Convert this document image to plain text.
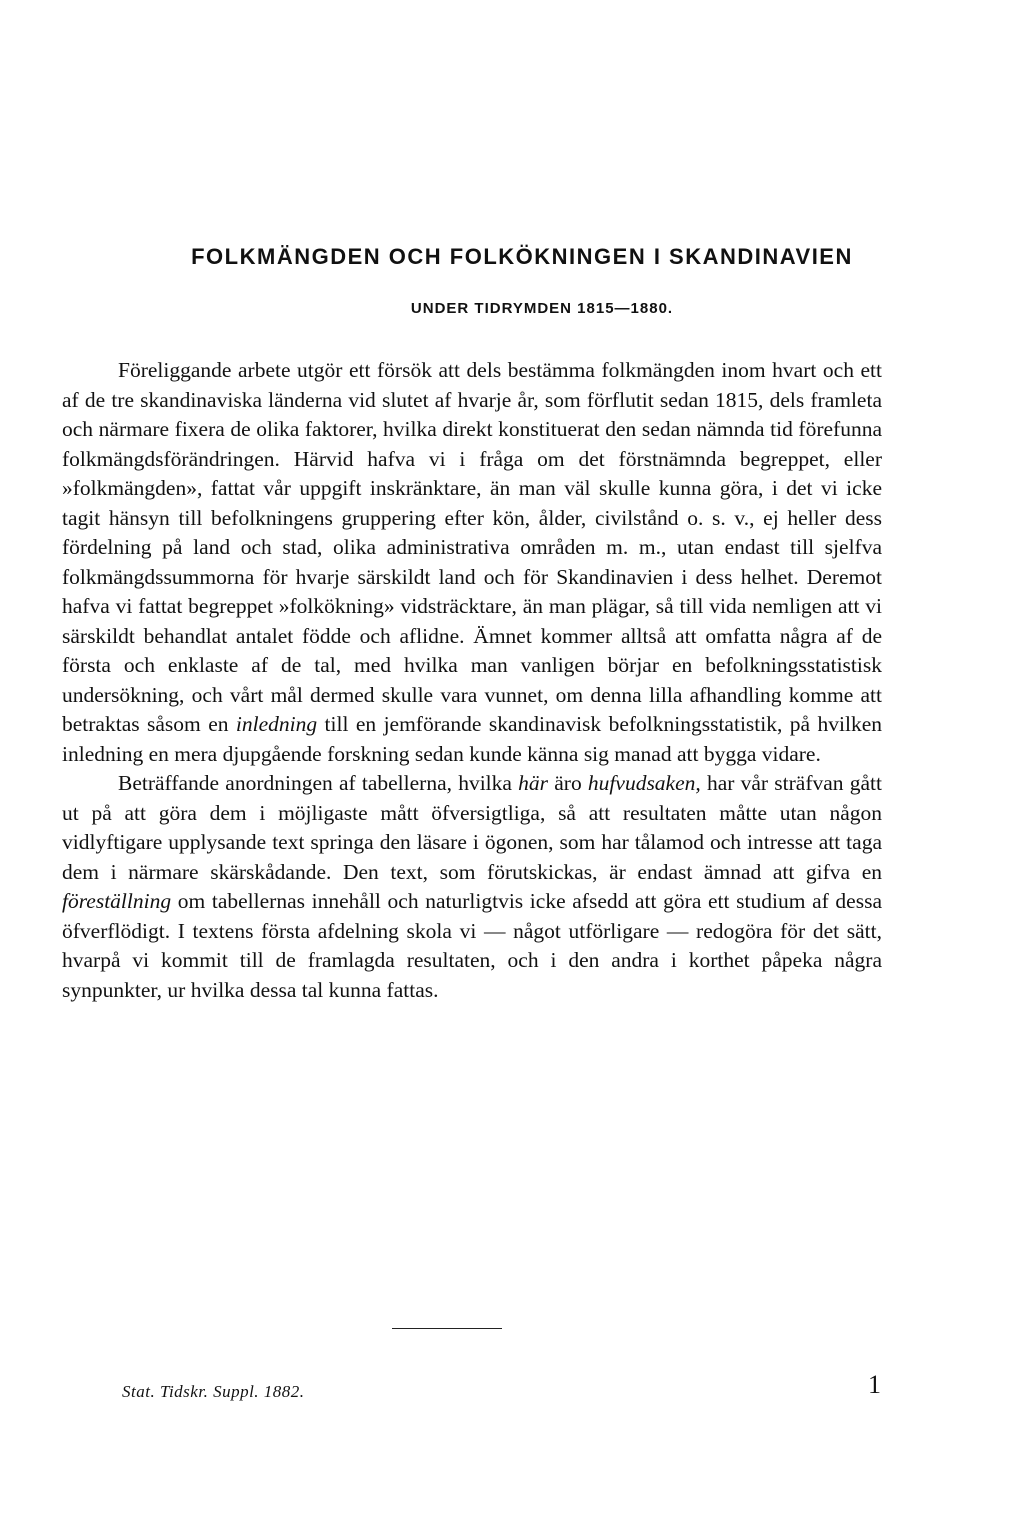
FOLKMÄNGDEN OCH FOLKÖKNINGEN I SKANDINAVIEN
UNDER TIDRYMDEN 1815—1880.

Föreliggande arbete utgör ett försök att dels bestämma folkmängden inom hvart och ett af de tre skandinaviska länderna vid slutet af hvarje år, som förflutit sedan 1815, dels framleta och närmare fixera de olika faktorer, hvilka direkt konstituerat den sedan nämnda tid förefunna folkmängdsförändringen. Härvid hafva vi i fråga om det förstnämnda begreppet, eller »folkmängden», fattat vår uppgift inskränktare, än man väl skulle kunna göra, i det vi icke tagit hänsyn till befolkningens gruppering efter kön, ålder, civilstånd o. s. v., ej heller dess fördelning på land och stad, olika administrativa områden m. m., utan endast till sjelfva folkmängdssummorna för hvarje särskildt land och för Skandinavien i dess helhet. Deremot hafva vi fattat begreppet »folkökning» vidsträcktare, än man plägar, så till vida nemligen att vi särskildt behandlat antalet födde och aflidne. Ämnet kommer alltså att omfatta några af de första och enklaste af de tal, med hvilka man vanligen börjar en befolkningsstatistisk undersökning, och vårt mål dermed skulle vara vunnet, om denna lilla afhandling komme att betraktas såsom en inledning till en jemförande skandinavisk befolkningsstatistik, på hvilken inledning en mera djupgående forskning sedan kunde känna sig manad att bygga vidare.

Beträffande anordningen af tabellerna, hvilka här äro hufvudsaken, har vår sträfvan gått ut på att göra dem i möjligaste mått öfversigtliga, så att resultaten måtte utan någon vidlyftigare upplysande text springa den läsare i ögonen, som har tålamod och intresse att taga dem i närmare skärskådande. Den text, som förutskickas, är endast ämnad att gifva en föreställning om tabellernas innehåll och naturligtvis icke afsedd att göra ett studium af dessa öfverflödigt. I textens första afdelning skola vi — något utförligare — redogöra för det sätt, hvarpå vi kommit till de framlagda resultaten, och i den andra i korthet påpeka några synpunkter, ur hvilka dessa tal kunna fattas.

Stat. Tidskr. Suppl. 1882.	1
